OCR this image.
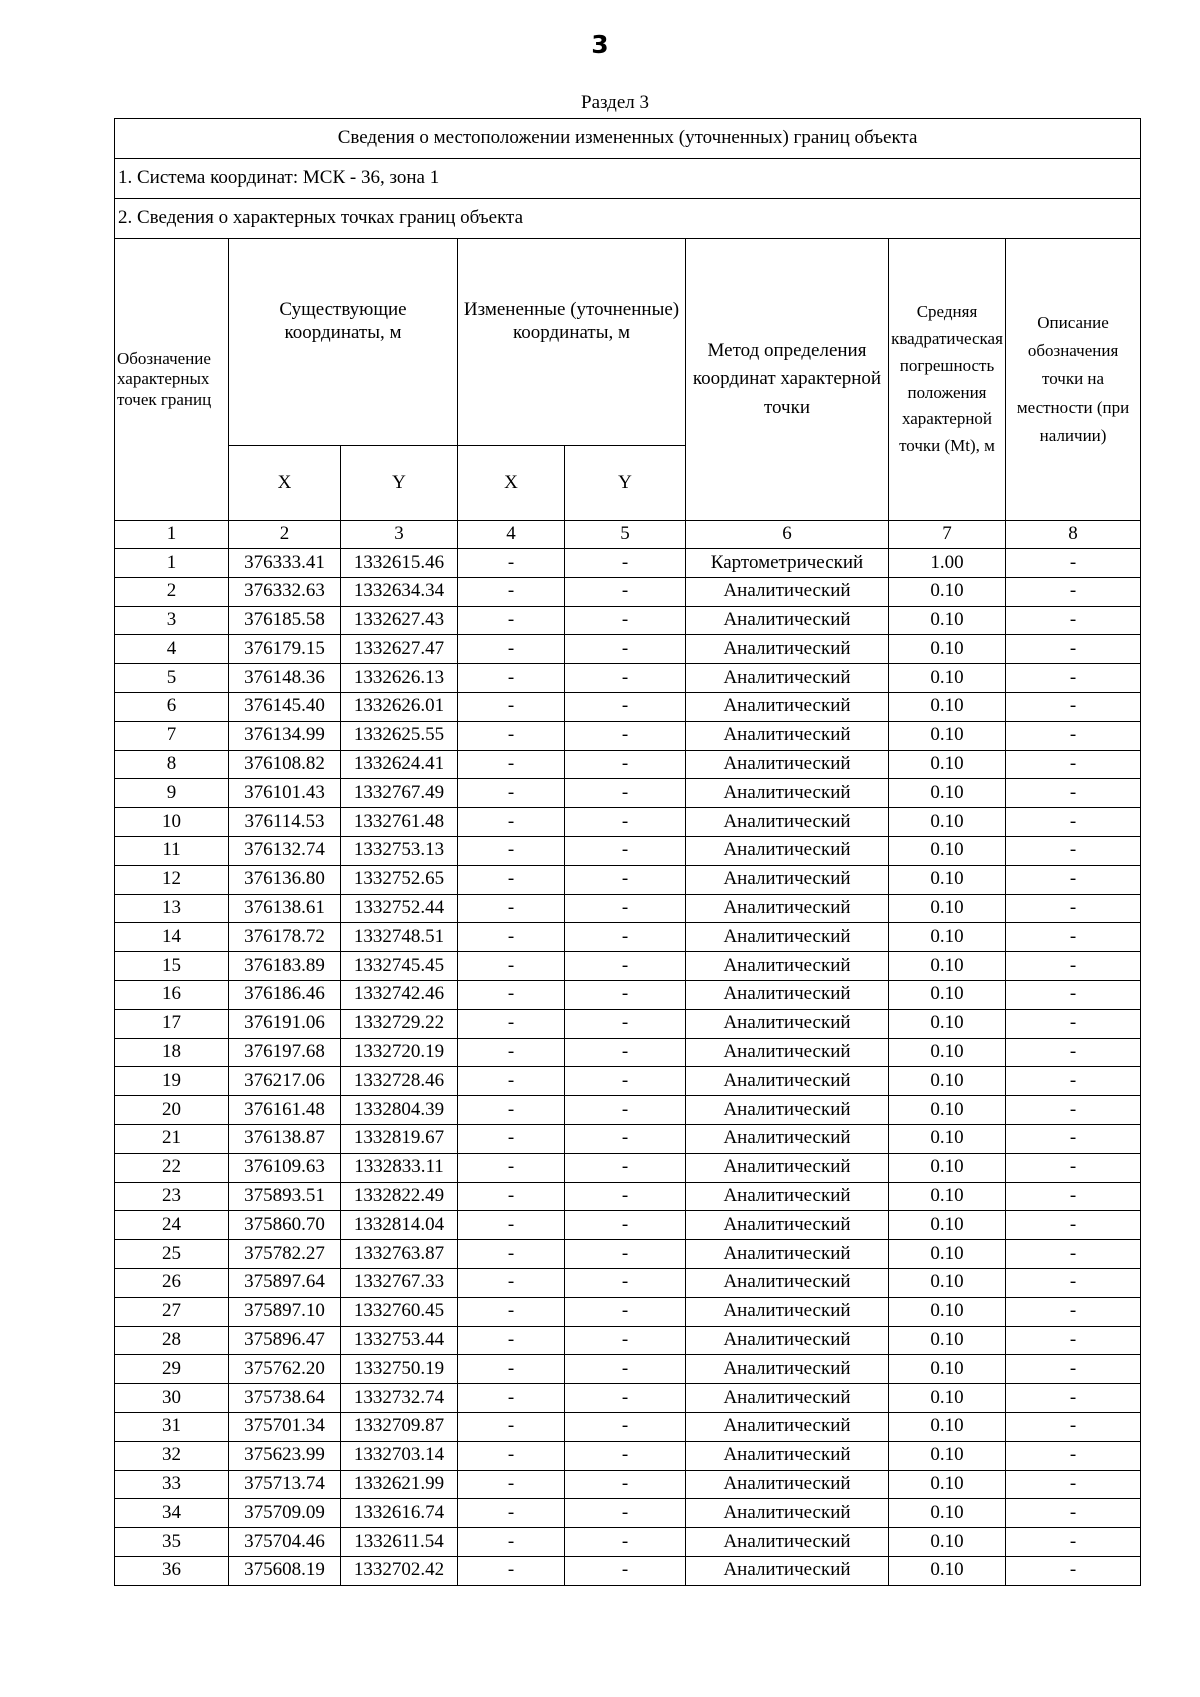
3
Раздел 3
Сведения о местоположении измененных (уточненных) границ объекта							
1. Система координат: МСК - 36, зона 1							
2. Сведения о характерных точках границ объекта							
Обозначение характерных точек границ	Существующие координаты, м		Измененные (уточненные) координаты, м		Метод определения координат характерной точки	Средняя квадратическая погрешность положения характерной точки (Mt), м	Описание обозначения точки на местности (при наличии)

	X	Y	X	Y			
1	2	3	4	5	6	7	8
1	376333.41	1332615.46	-	-	Картометрический	1.00	-
2	376332.63	1332634.34	-	-	Аналитический	0.10	-
3	376185.58	1332627.43	-	-	Аналитический	0.10	-
4	376179.15	1332627.47	-	-	Аналитический	0.10	-
5	376148.36	1332626.13	-	-	Аналитический	0.10	-
6	376145.40	1332626.01	-	-	Аналитический	0.10	-
7	376134.99	1332625.55	-	-	Аналитический	0.10	-
8	376108.82	1332624.41	-	-	Аналитический	0.10	-
9	376101.43	1332767.49	-	-	Аналитический	0.10	-
10	376114.53	1332761.48	-	-	Аналитический	0.10	-
11	376132.74	1332753.13	-	-	Аналитический	0.10	-
12	376136.80	1332752.65	-	-	Аналитический	0.10	-
13	376138.61	1332752.44	-	-	Аналитический	0.10	-
14	376178.72	1332748.51	-	-	Аналитический	0.10	-
15	376183.89	1332745.45	-	-	Аналитический	0.10	-
16	376186.46	1332742.46	-	-	Аналитический	0.10	-
17	376191.06	1332729.22	-	-	Аналитический	0.10	-
18	376197.68	1332720.19	-	-	Аналитический	0.10	-
19	376217.06	1332728.46	-	-	Аналитический	0.10	-
20	376161.48	1332804.39	-	-	Аналитический	0.10	-
21	376138.87	1332819.67	-	-	Аналитический	0.10	-
22	376109.63	1332833.11	-	-	Аналитический	0.10	-
23	375893.51	1332822.49	-	-	Аналитический	0.10	-
24	375860.70	1332814.04	-	-	Аналитический	0.10	-
25	375782.27	1332763.87	-	-	Аналитический	0.10	-
26	375897.64	1332767.33	-	-	Аналитический	0.10	-
27	375897.10	1332760.45	-	-	Аналитический	0.10	-
28	375896.47	1332753.44	-	-	Аналитический	0.10	-
29	375762.20	1332750.19	-	-	Аналитический	0.10	-
30	375738.64	1332732.74	-	-	Аналитический	0.10	-
31	375701.34	1332709.87	-	-	Аналитический	0.10	-
32	375623.99	1332703.14	-	-	Аналитический	0.10	-
33	375713.74	1332621.99	-	-	Аналитический	0.10	-
34	375709.09	1332616.74	-	-	Аналитический	0.10	-
35	375704.46	1332611.54	-	-	Аналитический	0.10	-
36	375608.19	1332702.42	-	-	Аналитический	0.10	-
